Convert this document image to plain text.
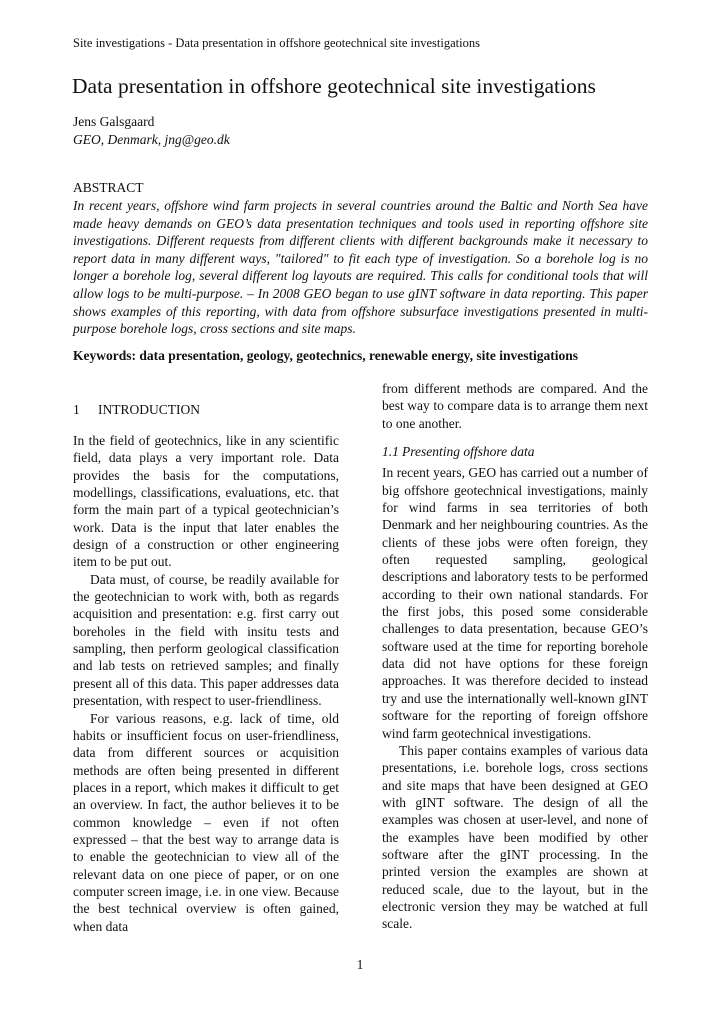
Site investigations - Data presentation in offshore geotechnical site investigations
Data presentation in offshore geotechnical site investigations
Jens Galsgaard
GEO, Denmark, jng@geo.dk
ABSTRACT

In recent years, offshore wind farm projects in several countries around the Baltic and North Sea have made heavy demands on GEO’s data presentation techniques and tools used in reporting offshore site investigations. Different requests from different clients with different backgrounds make it necessary to report data in many different ways, "tailored" to fit each type of investigation. So a borehole log is no longer a borehole log, several different log layouts are required. This calls for conditional tools that will allow logs to be multi-purpose. – In 2008 GEO began to use gINT software in data reporting. This paper shows examples of this reporting, with data from offshore subsurface investigations presented in multi-purpose borehole logs, cross sections and site maps.

Keywords: data presentation, geology, geotechnics, renewable energy, site investigations
1 INTRODUCTION

In the field of geotechnics, like in any scientific field, data plays a very important role. Data provides the basis for the computations, modellings, classifications, evaluations, etc. that form the main part of a typical geotechnician’s work. Data is the input that later enables the design of a construction or other engineering item to be put out.

Data must, of course, be readily available for the geotechnician to work with, both as regards acquisition and presentation: e.g. first carry out boreholes in the field with insitu tests and sampling, then perform geological classification and lab tests on retrieved samples; and finally present all of this data. This paper addresses data presentation, with respect to user-friendliness.

For various reasons, e.g. lack of time, old habits or insufficient focus on user-friendliness, data from different sources or acquisition methods are often being presented in different places in a report, which makes it difficult to get an overview. In fact, the author believes it to be common knowledge – even if not often expressed – that the best way to arrange data is to enable the geotechnician to view all of the relevant data on one piece of paper, or on one computer screen image, i.e. in one view. Because the best technical overview is often gained, when data

from different methods are compared. And the best way to compare data is to arrange them next to one another.

1.1 Presenting offshore data

In recent years, GEO has carried out a number of big offshore geotechnical investigations, mainly for wind farms in sea territories of both Denmark and her neighbouring countries. As the clients of these jobs were often foreign, they often requested sampling, geological descriptions and laboratory tests to be performed according to their own national standards. For the first jobs, this posed some considerable challenges to data presentation, because GEO’s software used at the time for reporting borehole data did not have options for these foreign approaches. It was therefore decided to instead try and use the internationally well-known gINT software for the reporting of foreign offshore wind farm geotechnical investigations.

This paper contains examples of various data presentations, i.e. borehole logs, cross sections and site maps that have been designed at GEO with gINT software. The design of all the examples was chosen at user-level, and none of the examples have been modified by other software after the gINT processing. In the printed version the examples are shown at reduced scale, due to the layout, but in the electronic version they may be watched at full scale.

1
